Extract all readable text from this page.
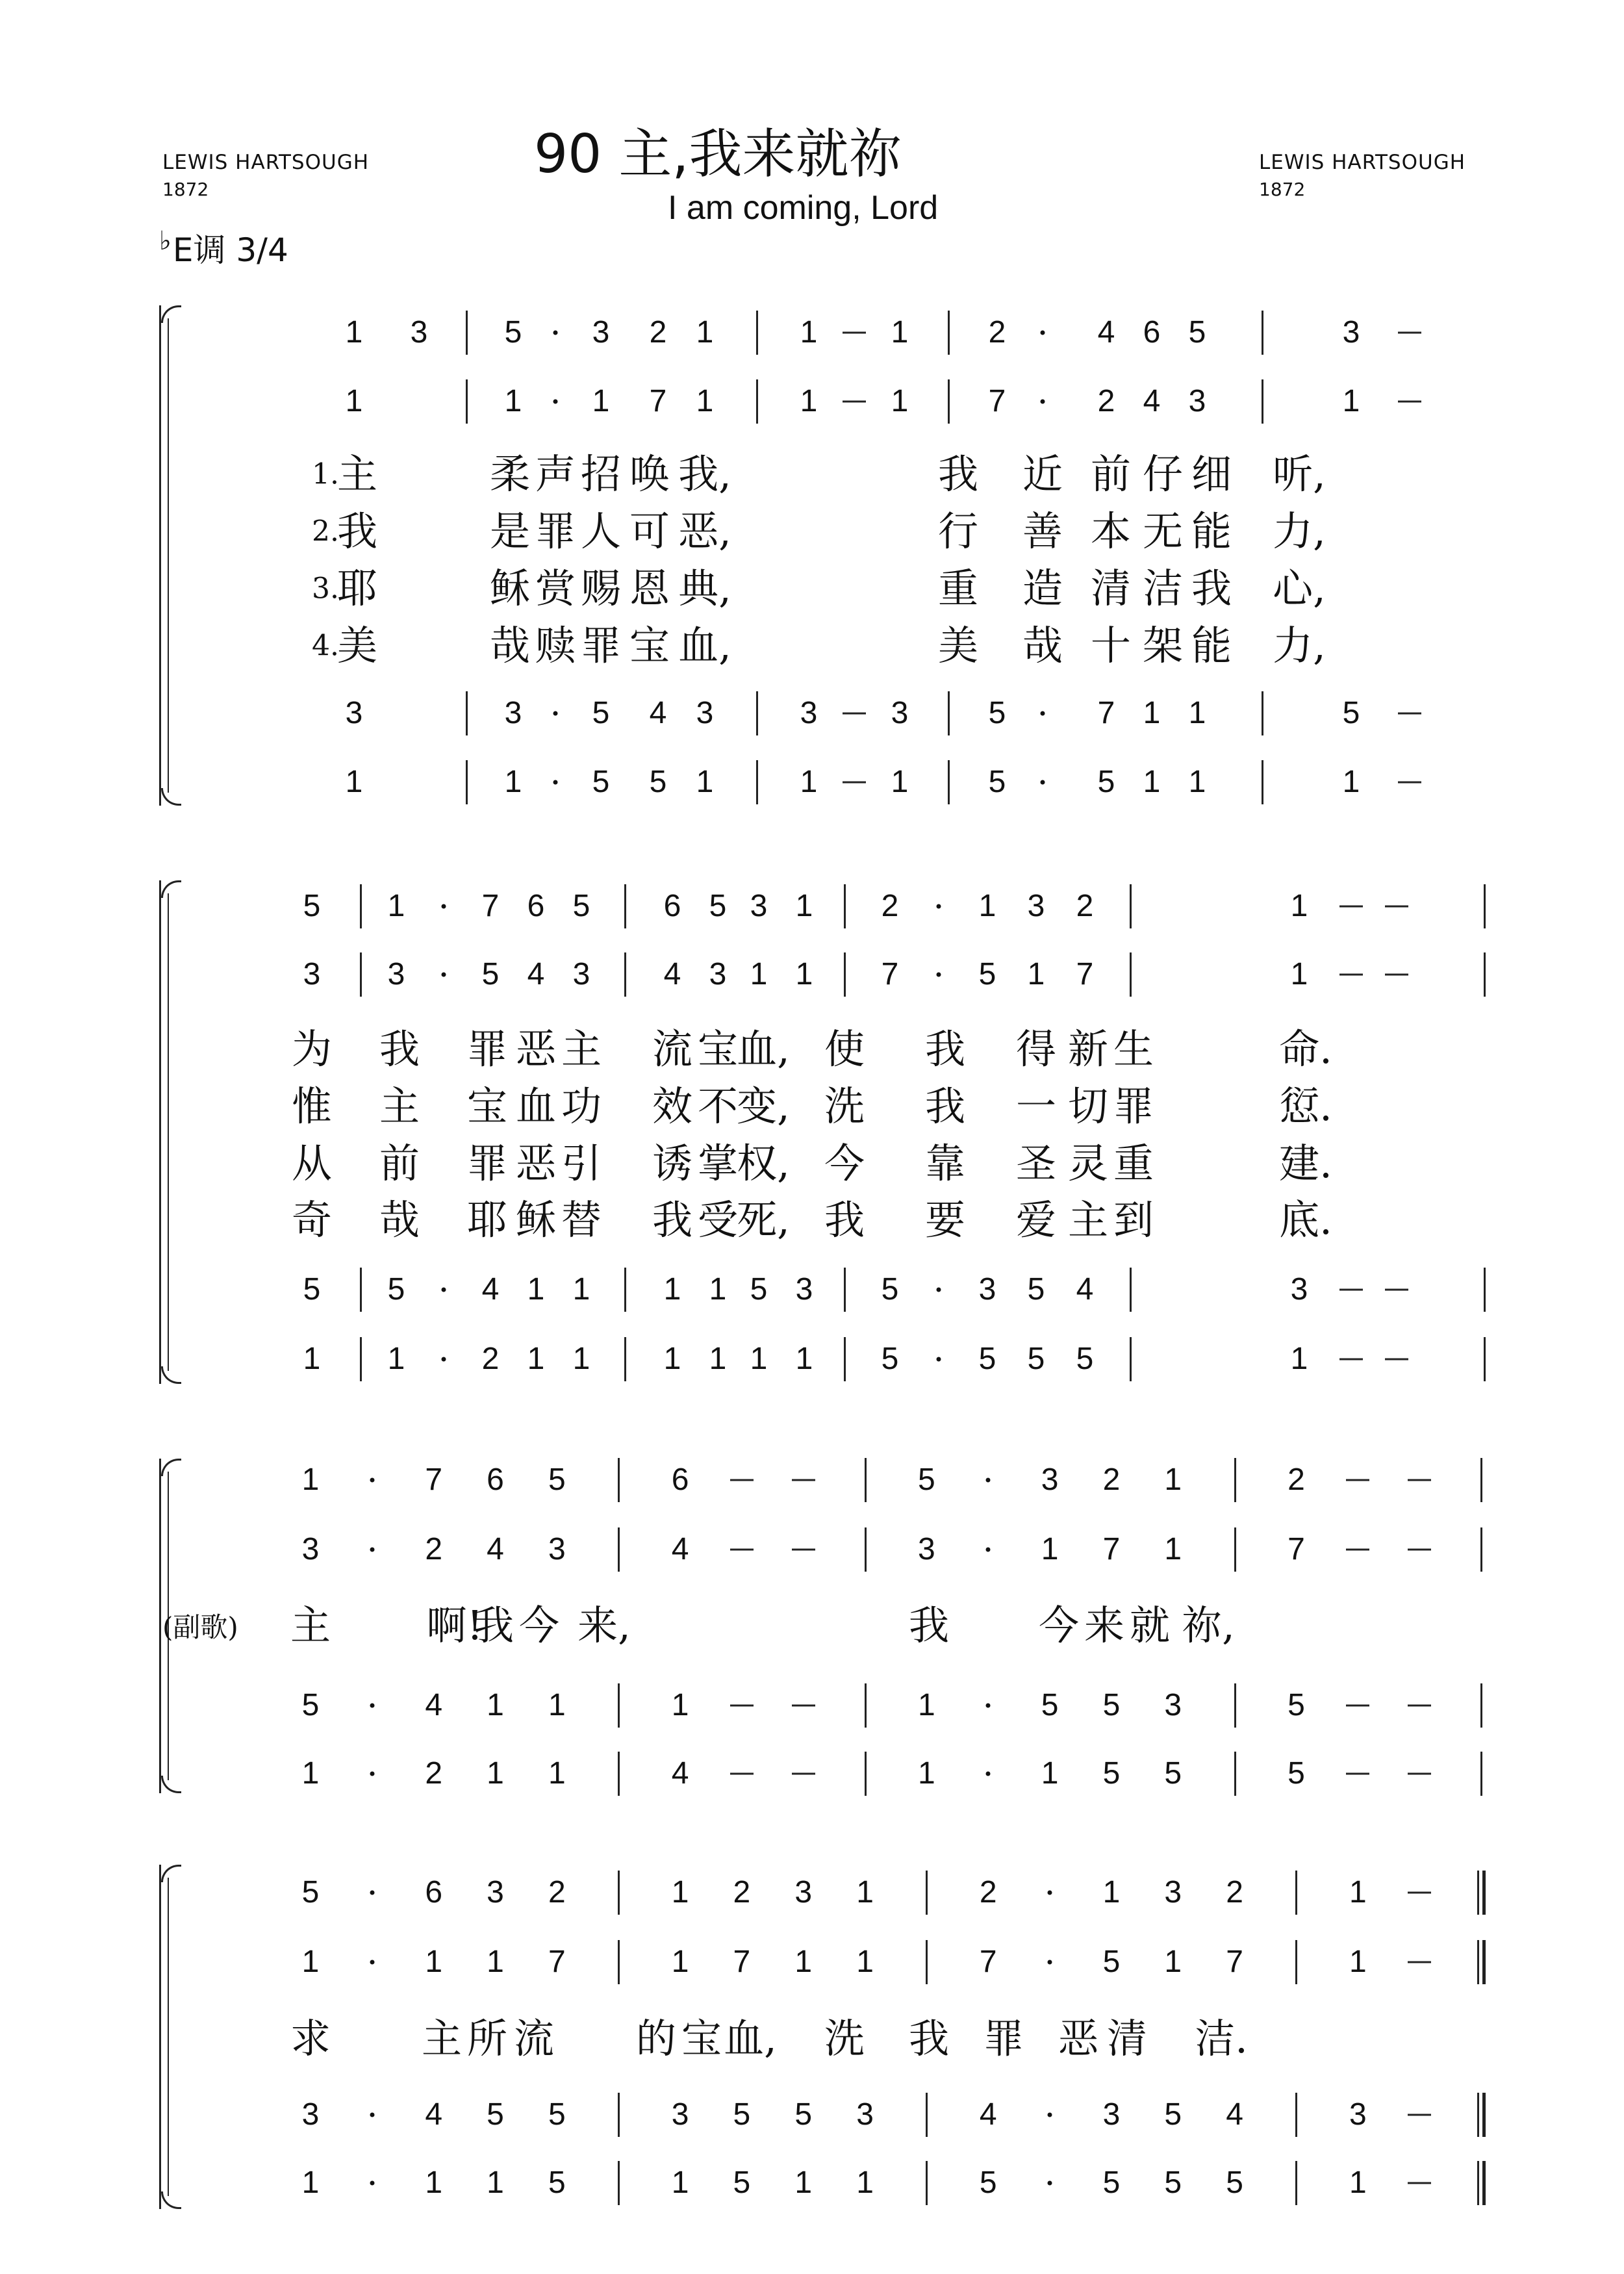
LEWIS HARTSOUGH
1872
90 主,我来就祢
I am coming, Lord
LEWIS HARTSOUGH
1872
♭E调 3/4
1	3	5	3	2 1	1	1	2	4 6 5	3
1	1	1	7 1	1	1	7	2 4 3	1
3	3	5	4 3	3	3	5	7 1 1	5
1	1	5	5 1	1	1	5	5 1 1	1
1.
主	柔 声 招 唤 我,	我 近 前 仔 细 听,
2.
我	是 罪 人 可 恶,	行 善 本 无 能 力,
3.
耶	稣 赏 赐 恩 典,	重 造 清 洁 我 心,
4.
美	哉 赎 罪 宝 血,	美 哉 十 架 能 力,
5	1	7 6 5	6 5 3 1	2	1	3	2	1
3	3	5 4 3	4 3 1 1	7	5	1	7	1
5	5	4 1 1	1 1 5 3	5	3	5	4	3
1	1	2 1 1	1 1 1 1	5	5	5	5	1
为 我 罪 恶 主 流 宝
血, 使 我 得 新 生	命.
惟 主 宝 血 功 效 不
变, 洗 我 一 切 罪	愆.
从 前 罪 恶 引 诱 掌
权, 今 靠 圣 灵 重	建.
奇 哉 耶 稣 替 我 受
死, 我 要 爱 主 到	底.
1	7	6	5	6	5	3	2	1	2
3	2	4	3	4	3	1	7	1	7
5	4	1	1	1	1	5	5	3	5
1	2	1	1	4	1	1	5	5	5
主 啊!
我 今 来,	我 今 来 就 祢,
(副歌)
5	6	3	2	1	2	3	1	2	1	3	2	1
1	1	1	7	1	7	1	1	7	5	1	7	1
3	4	5	5	3	5	5	3	4	3	5	4	3
1	1	1	5	1	5	1	1	5	5	5	5	1
求 主 所 流 的 宝 血, 洗 我 罪 恶 清 洁.
